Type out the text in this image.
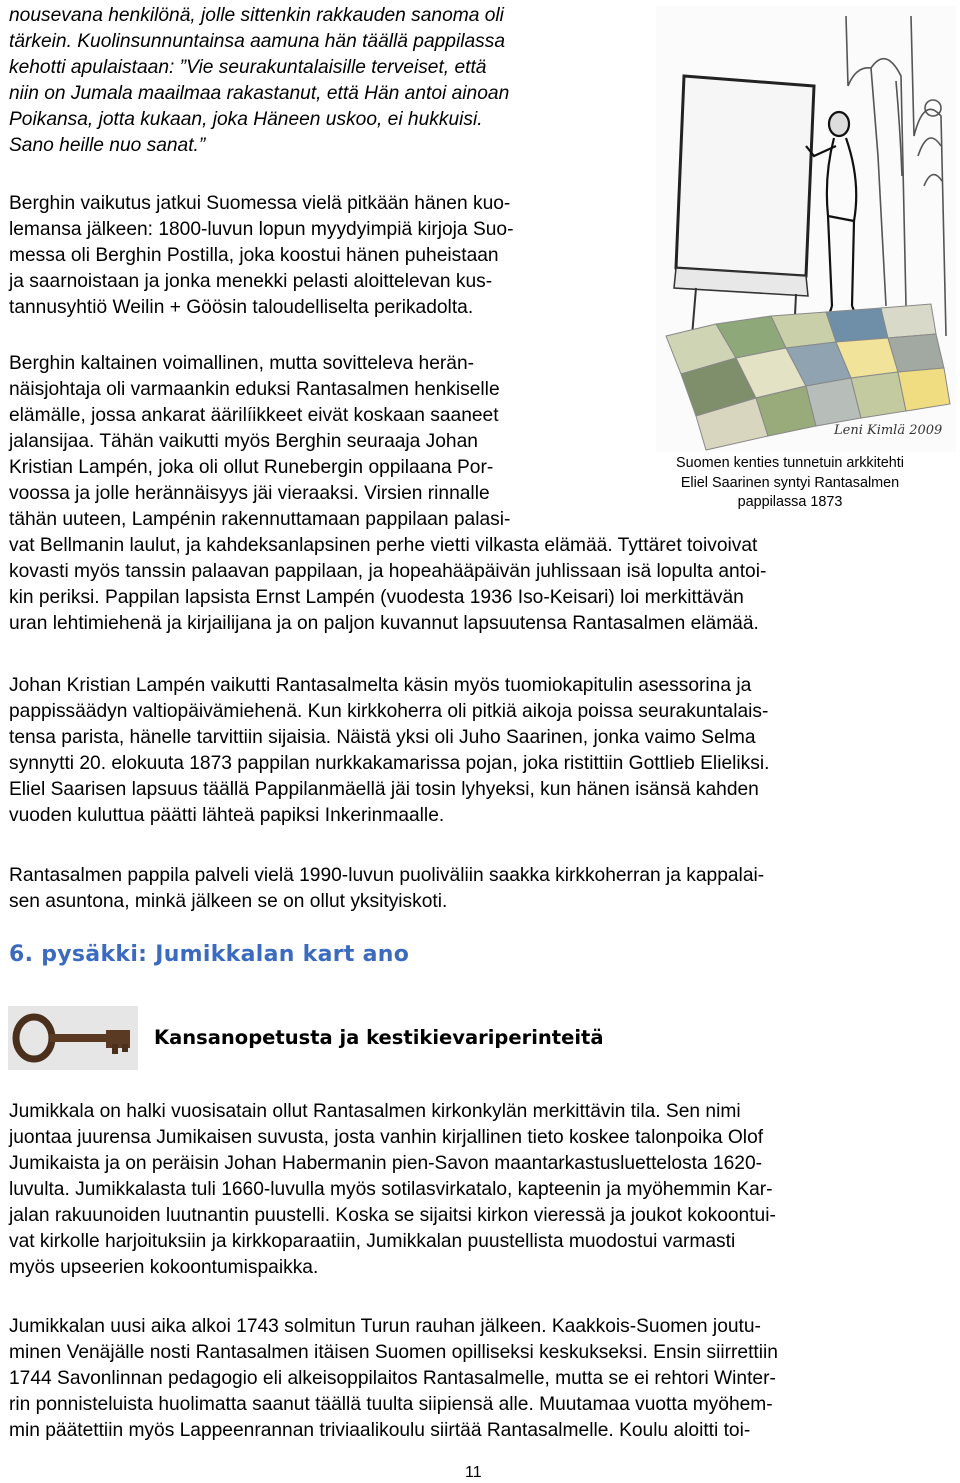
Leni Kimlä 2009

nousevana henkilönä, jolle sittenkin rakkauden sanoma oli

tärkein. Kuolinsunnuntainsa aamuna hän täällä pappilassa

kehotti apulaistaan: ”Vie seurakuntalaisille terveiset, että

niin on Jumala maailmaa rakastanut, että Hän antoi ainoan

Poikansa, jotta kukaan, joka Häneen uskoo, ei hukkuisi.

Sano heille nuo sanat.”

Berghin vaikutus jatkui Suomessa vielä pitkään hänen kuo-

lemansa jälkeen: 1800-luvun lopun myydyimpiä kirjoja Suo-

messa oli Berghin Postilla, joka koostui hänen puheistaan

ja saarnoistaan ja jonka menekki pelasti aloittelevan kus-

tannusyhtiö Weilin + Göösin taloudelliselta perikadolta.

Berghin kaltainen voimallinen, mutta sovitteleva herän-

näisjohtaja oli varmaankin eduksi Rantasalmen henkiselle

elämälle, jossa ankarat äärilíikkeet eivät koskaan saaneet

jalansijaa. Tähän vaikutti myös Berghin seuraaja Johan

Kristian Lampén, joka oli ollut Runebergin oppilaana Por-

voossa ja jolle herännäisyys jäi vieraaksi. Virsien rinnalle

tähän uuteen, Lampénin rakennuttamaan pappilaan palasi-

vat Bellmanin laulut, ja kahdeksanlapsinen perhe vietti vilkasta elämää. Tyttäret toivoivat

kovasti myös tanssin palaavan pappilaan, ja hopeahääpäivän juhlissaan isä lopulta antoi-

kin periksi. Pappilan lapsista Ernst Lampén (vuodesta 1936 Iso-Keisari) loi merkittävän

uran lehtimiehenä ja kirjailijana ja on paljon kuvannut lapsuutensa Rantasalmen elämää.

Suomen kenties tunnetuin arkkitehti
Eliel Saarinen syntyi Rantasalmen
pappilassa 1873

Johan Kristian Lampén vaikutti Rantasalmelta käsin myös tuomiokapitulin asessorina ja

pappissäädyn valtiopäivämiehenä. Kun kirkkoherra oli pitkiä aikoja poissa seurakuntalais-

tensa parista, hänelle tarvittiin sijaisia. Näistä yksi oli Juho Saarinen, jonka vaimo Selma

synnytti 20. elokuuta 1873 pappilan nurkkakamarissa pojan, joka ristittiin Gottlieb Elieliksi.

Eliel Saarisen lapsuus täällä Pappilanmäellä jäi tosin lyhyeksi, kun hänen isänsä kahden

vuoden kuluttua päätti lähteä papiksi Inkerinmaalle.

Rantasalmen pappila palveli vielä 1990-luvun puoliväliin saakka kirkkoherran ja kappalai-

sen asuntona, minkä jälkeen se on ollut yksityiskoti.

6. pysäkki: Jumikkalan kart ano
Kansanopetusta ja kestikievariperinteitä

Jumikkala on halki vuosisatain ollut Rantasalmen kirkonkylän merkittävin tila. Sen nimi

juontaa juurensa Jumikaisen suvusta, josta vanhin kirjallinen tieto koskee talonpoika Olof

Jumikaista ja on peräisin Johan Habermanin pien-Savon maantarkastusluettelosta 1620-

luvulta. Jumikkalasta tuli 1660-luvulla myös sotilasvirkatalo, kapteenin ja myöhemmin Kar-

jalan rakuunoiden luutnantin puustelli. Koska se sijaitsi kirkon vieressä ja joukot kokoontui-

vat kirkolle harjoituksiin ja kirkkoparaatiin, Jumikkalan puustellista muodostui varmasti

myös upseerien kokoontumispaikka.

Jumikkalan uusi aika alkoi 1743 solmitun Turun rauhan jälkeen. Kaakkois-Suomen joutu-

minen Venäjälle nosti Rantasalmen itäisen Suomen opilliseksi keskukseksi. Ensin siirrettiin

1744 Savonlinnan pedagogio eli alkeisoppilaitos Rantasalmelle, mutta se ei rehtori Winter-

rin ponnisteluista huolimatta saanut täällä tuulta siipiensä alle. Muutamaa vuotta myöhem-

min päätettiin myös Lappeenrannan triviaalikoulu siirtää Rantasalmelle. Koulu aloitti toi-

11
